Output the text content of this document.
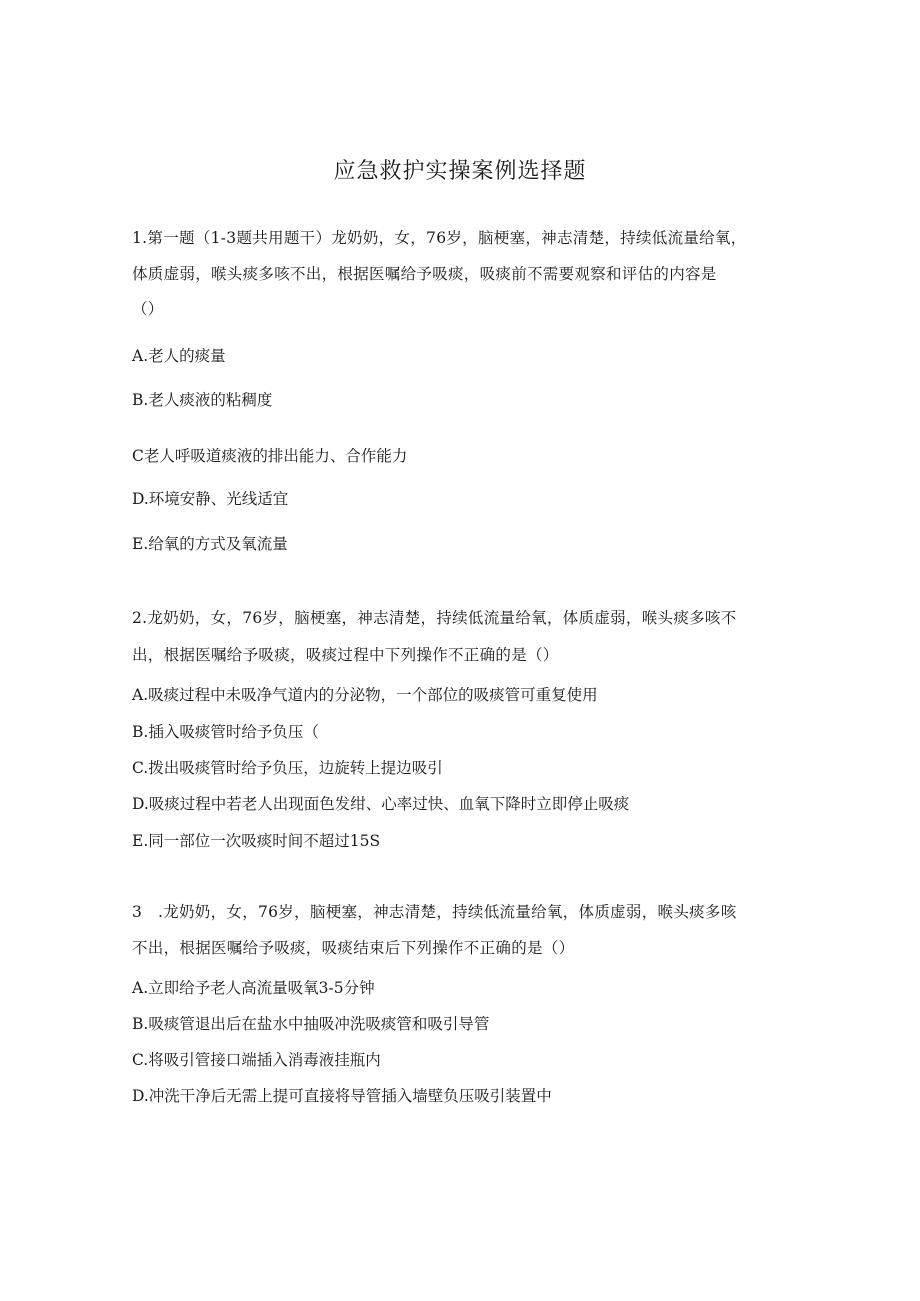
应急救护实操案例选择题
1.第一题（1-3题共用题干）龙奶奶，女，76岁，脑梗塞，神志清楚，持续低流量给氧，
体质虚弱，喉头痰多咳不出，根据医嘱给予吸痰，吸痰前不需要观察和评估的内容是
（）
A.老人的痰量
B.老人痰液的粘稠度
C老人呼吸道痰液的排出能力、合作能力
D.环境安静、光线适宜
E.给氧的方式及氧流量
2.龙奶奶，女，76岁，脑梗塞，神志清楚，持续低流量给氧，体质虚弱，喉头痰多咳不
出，根据医嘱给予吸痰，吸痰过程中下列操作不正确的是（）
A.吸痰过程中未吸净气道内的分泌物，一个部位的吸痰管可重复使用
B.插入吸痰管时给予负压（
C.拨出吸痰管时给予负压，边旋转上提边吸引
D.吸痰过程中若老人出现面色发绀、心率过快、血氧下降时立即停止吸痰
E.同一部位一次吸痰时间不超过15S
3　.龙奶奶，女，76岁，脑梗塞，神志清楚，持续低流量给氧，体质虚弱，喉头痰多咳
不出，根据医嘱给予吸痰，吸痰结束后下列操作不正确的是（）
A.立即给予老人高流量吸氧3-5分钟
B.吸痰管退出后在盐水中抽吸冲洗吸痰管和吸引导管
C.将吸引管接口端插入消毒液挂瓶内
D.冲洗干净后无需上提可直接将导管插入墙壁负压吸引装置中
